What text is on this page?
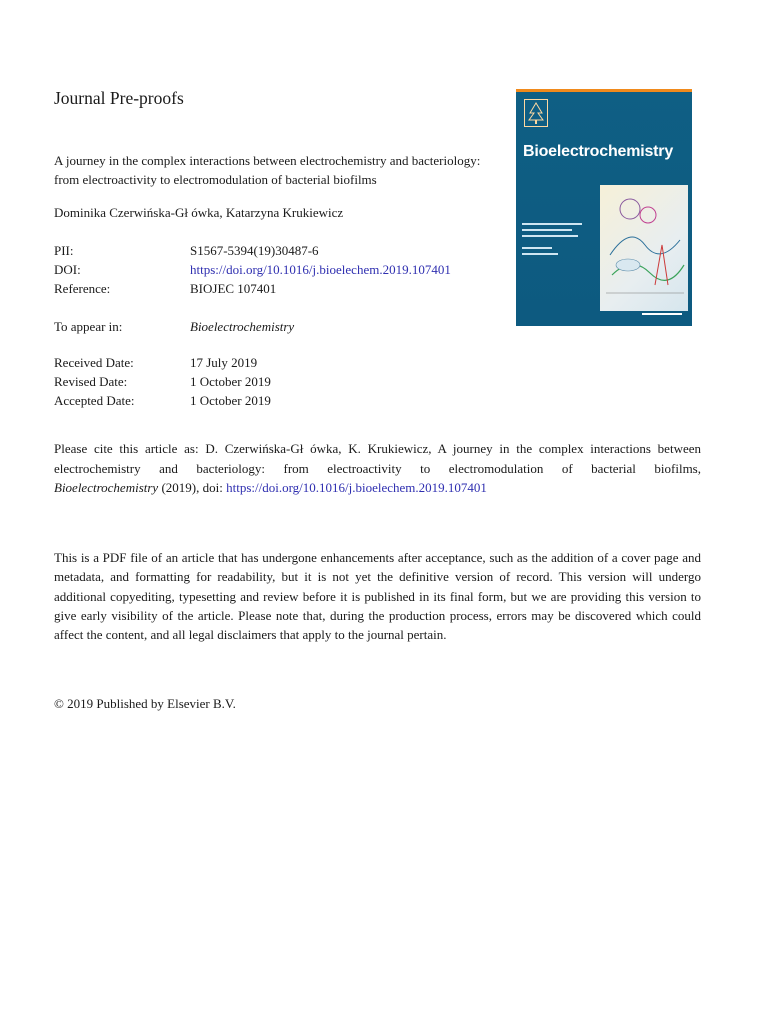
Journal Pre-proofs
A journey in the complex interactions between electrochemistry and bacteriology: from electroactivity to electromodulation of bacterial biofilms
Dominika Czerwińska-Gł ówka, Katarzyna Krukiewicz
PII:	S1567-5394(19)30487-6
DOI:	https://doi.org/10.1016/j.bioelechem.2019.107401
Reference:	BIOJEC 107401
To appear in:	Bioelectrochemistry
Received Date:	17 July 2019
Revised Date:	1 October 2019
Accepted Date:	1 October 2019
Please cite this article as: D. Czerwińska-Gł ówka, K. Krukiewicz, A journey in the complex interactions between
electrochemistry and bacteriology: from electroactivity to electromodulation of bacterial biofilms,
Bioelectrochemistry (2019), doi: https://doi.org/10.1016/j.bioelechem.2019.107401
This is a PDF file of an article that has undergone enhancements after acceptance, such as the addition of a cover page and metadata, and formatting for readability, but it is not yet the definitive version of record. This version will undergo additional copyediting, typesetting and review before it is published in its final form, but we are providing this version to give early visibility of the article. Please note that, during the production process, errors may be discovered which could affect the content, and all legal disclaimers that apply to the journal pertain.
© 2019 Published by Elsevier B.V.
Bioelectrochemistry
